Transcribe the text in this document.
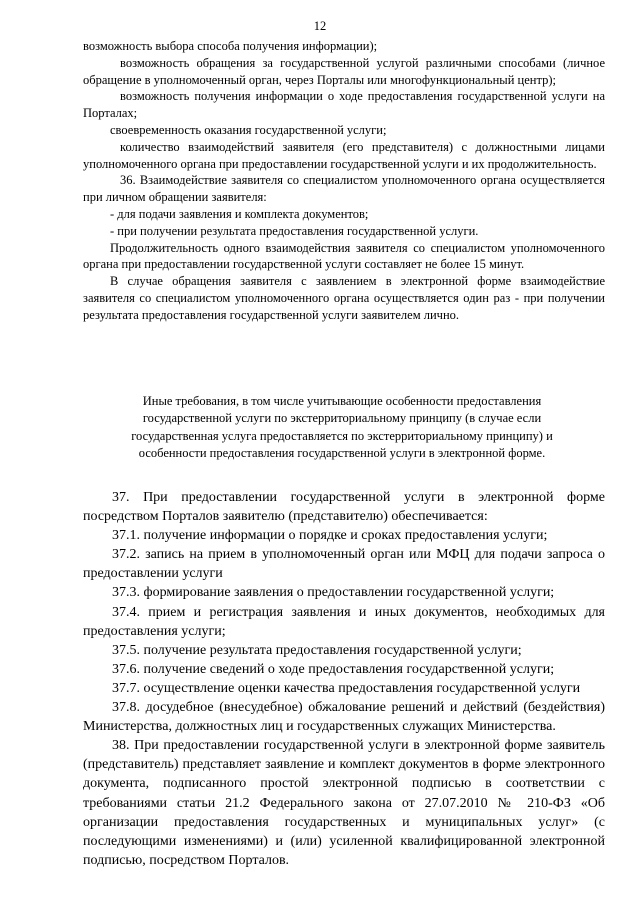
12

возможность выбора способа получения информации);

возможность обращения за государственной услугой различными способами (личное обращение в уполномоченный орган, через Порталы или многофункциональный центр);

возможность получения информации о ходе предоставления государственной услуги на Порталах;

своевременность оказания государственной услуги;

количество взаимодействий заявителя (его представителя) с должностными лицами уполномоченного органа при предоставлении государственной услуги и их продолжительность.

36. Взаимодействие заявителя со специалистом уполномоченного органа осуществляется при личном обращении заявителя:

- для подачи заявления и комплекта документов;

- при получении результата предоставления государственной услуги.

Продолжительность одного взаимодействия заявителя со специалистом уполномоченного органа при предоставлении государственной услуги составляет не более 15 минут.

В случае обращения заявителя с заявлением в электронной форме взаимодействие заявителя со специалистом уполномоченного органа осуществляется один раз - при получении результата предоставления государственной услуги заявителем лично.

Иные требования, в том числе учитывающие особенности предоставления
государственной услуги по экстерриториальному принципу (в случае если
государственная услуга предоставляется по экстерриториальному принципу) и
особенности предоставления государственной услуги в электронной форме.

37. При предоставлении государственной услуги в электронной форме посредством Порталов заявителю (представителю) обеспечивается:

37.1. получение информации о порядке и сроках предоставления услуги;

37.2. запись на прием в уполномоченный орган или МФЦ для подачи запроса о предоставлении услуги

37.3. формирование заявления о предоставлении государственной услуги;

37.4. прием и регистрация заявления и иных документов, необходимых для предоставления услуги;

37.5. получение результата предоставления государственной услуги;

37.6. получение сведений о ходе предоставления государственной услуги;

37.7. осуществление оценки качества предоставления государственной услуги

37.8. досудебное (внесудебное) обжалование решений и действий (бездействия) Министерства, должностных лиц и государственных служащих Министерства.

38. При предоставлении государственной услуги в электронной форме заявитель (представитель) представляет заявление и комплект документов в форме электронного документа, подписанного простой электронной подписью в соответствии с требованиями статьи 21.2 Федерального закона от 27.07.2010 № 210-ФЗ «Об организации предоставления государственных и муниципальных услуг» (с последующими изменениями) и (или) усиленной квалифицированной электронной подписью, посредством Порталов.
